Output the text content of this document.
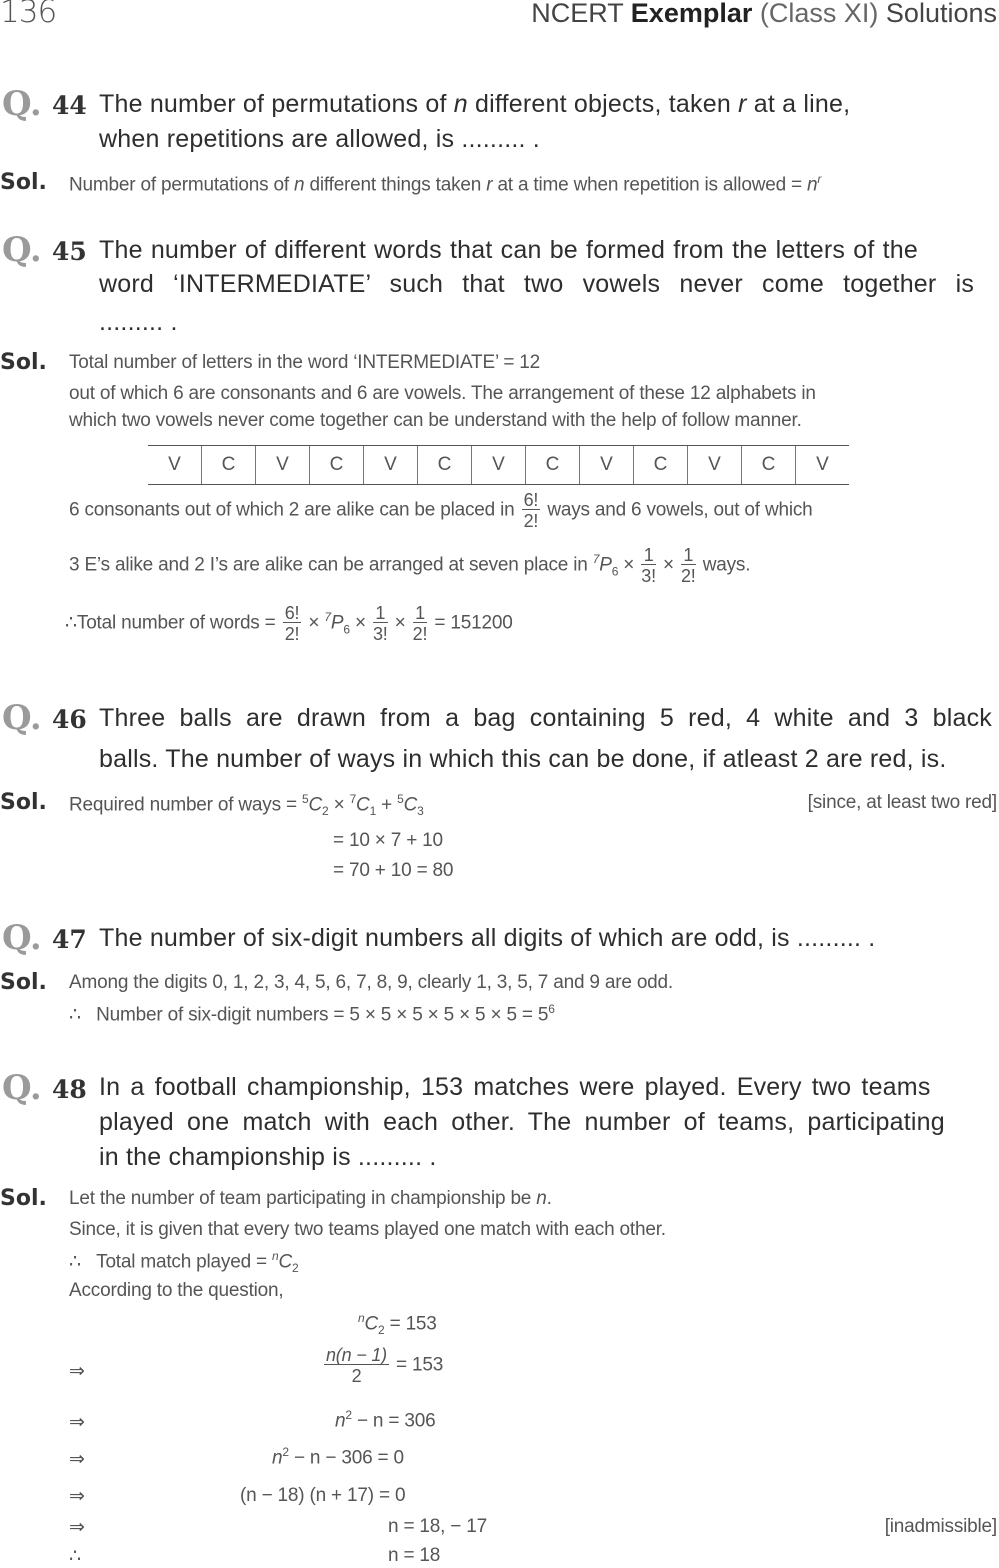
136	NCERT Exemplar (Class XI) Solutions
Q. 44 The number of permutations of n different objects, taken r at a line,
when repetitions are allowed, is ......... .
Sol. Number of permutations of n different things taken r at a time when repetition is allowed = $n^r$
Q. 45 The number of different words that can be formed from the letters of the
word ‘INTERMEDIATE’ such that two vowels never come together is
......... .
Sol. Total number of letters in the word ‘INTERMEDIATE’ = 12
out of which 6 are consonants and 6 are vowels. The arrangement of these 12 alphabets in
which two vowels never come together can be understand with the help of follow manner.
V	C	V	C	V	C	V	C	V	C	V	C	V
6 consonants out of which 2 are alike can be placed in $\frac{6!}{2!}$ ways and 6 vowels, out of which
3 E’s alike and 2 I’s are alike can be arranged at seven place in $^7P_6 \times \frac{1}{3!} \times \frac{1}{2!}$ ways.
∴Total number of words = $\frac{6!}{2!} \times ^7P_6 \times \frac{1}{3!} \times \frac{1}{2!} = 151200$
Q. 46 Three balls are drawn from a bag containing 5 red, 4 white and 3 black
balls. The number of ways in which this can be done, if atleast 2 are red, is.
Sol. Required number of ways = $^5C_2 \times ^7C_1 + ^5C_3$	[since, at least two red]
= 10 × 7 + 10
= 70 + 10 = 80
Q. 47 The number of six-digit numbers all digits of which are odd, is ......... .
Sol. Among the digits 0, 1, 2, 3, 4, 5, 6, 7, 8, 9, clearly 1, 3, 5, 7 and 9 are odd.
∴ Number of six-digit numbers = $5 \times 5 \times 5 \times 5 \times 5 \times 5 = 5^6$
Q. 48 In a football championship, 153 matches were played. Every two teams
played one match with each other. The number of teams, participating
in the championship is ......... .
Sol. Let the number of team participating in championship be n.
Since, it is given that every two teams played one match with each other.
∴ Total match played = $^nC_2$
According to the question,
$^nC_2 = 153$
⇒	$\frac{n(n - 1)}{2} = 153$
⇒	$n^2 - n = 306$
⇒	$n^2 - n - 306 = 0$
⇒	(n − 18) (n + 17) = 0
⇒	n = 18, − 17	[inadmissible]
∴	n = 18
